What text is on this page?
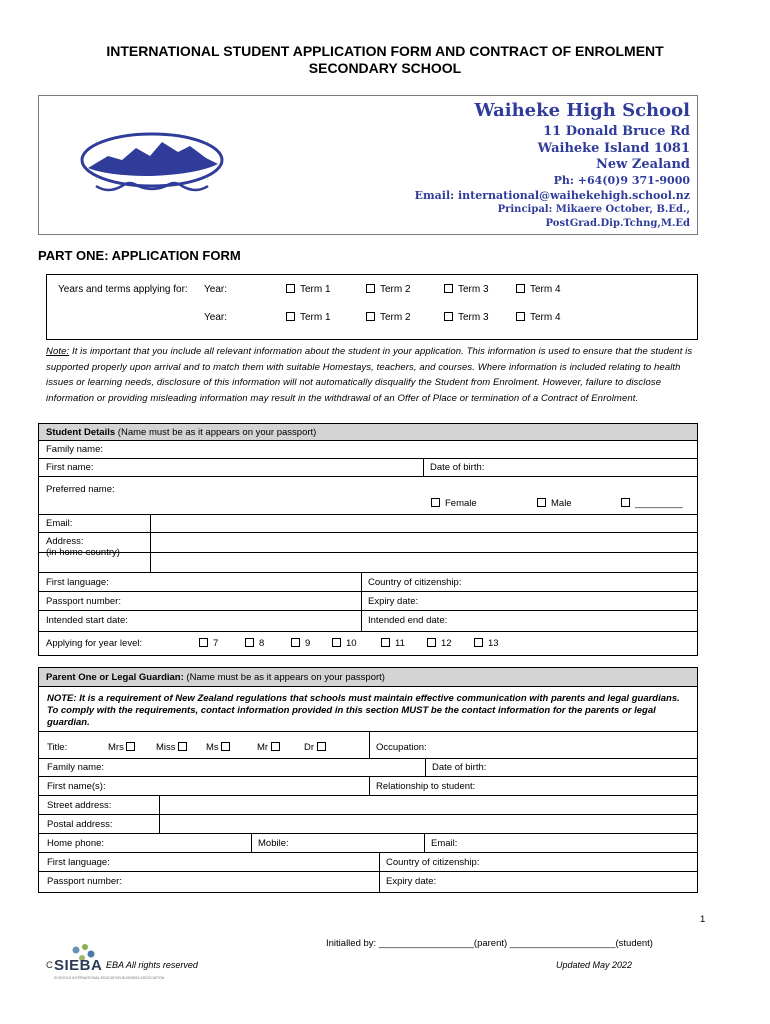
INTERNATIONAL STUDENT APPLICATION FORM AND CONTRACT OF ENROLMENT
SECONDARY SCHOOL
Waiheke High School
11 Donald Bruce Rd
Waiheke Island 1081
New Zealand
Ph: +64(0)9 371-9000
Email: international@waihekehigh.school.nz
Principal: Mikaere October, B.Ed.,
PostGrad.Dip.Tchng,M.Ed
PART ONE: APPLICATION FORM
Years and terms applying for: Year:	Term 1	Term 2	Term 3	Term 4
Year:	Term 1	Term 2	Term 3	Term 4
Note: It is important that you include all relevant information about the student in your application. This information is used to ensure that the student is supported properly upon arrival and to match them with suitable Homestays, teachers, and courses. Where information is included relating to health issues or learning needs, disclosure of this information will not automatically disqualify the Student from Enrolment. However, failure to disclose information or providing misleading information may result in the withdrawal of an Offer of Place or termination of a Contract of Enrolment.
Student Details (Name must be as it appears on your passport)
Family name:
First name:	Date of birth:
Preferred name:
Female	Male	_________
Email:
Address:
(in home country)
First language:	Country of citizenship:
Passport number:	Expiry date:
Intended start date:	Intended end date:
Applying for year level:	7	8	9	10	11	12	13
Parent One or Legal Guardian: (Name must be as it appears on your passport)
NOTE: It is a requirement of New Zealand regulations that schools must maintain effective communication with parents and legal guardians. To comply with the requirements, contact information provided in this section MUST be the contact information for the parents or legal guardian.
Title:	Mrs	Miss	Ms	Mr	Dr	Occupation:
Family name:	Date of birth:
First name(s):	Relationship to student:
Street address:
Postal address:
Home phone:	Mobile:	Email:
First language:	Country of citizenship:
Passport number:	Expiry date:
1
Initialled by: __________________(parent) ____________________(student)
C SIEBA
SCHOOLS INTERNATIONAL EDUCATION BUSINESS ASSOCIATION
EBA All rights reserved	Updated May 2022
